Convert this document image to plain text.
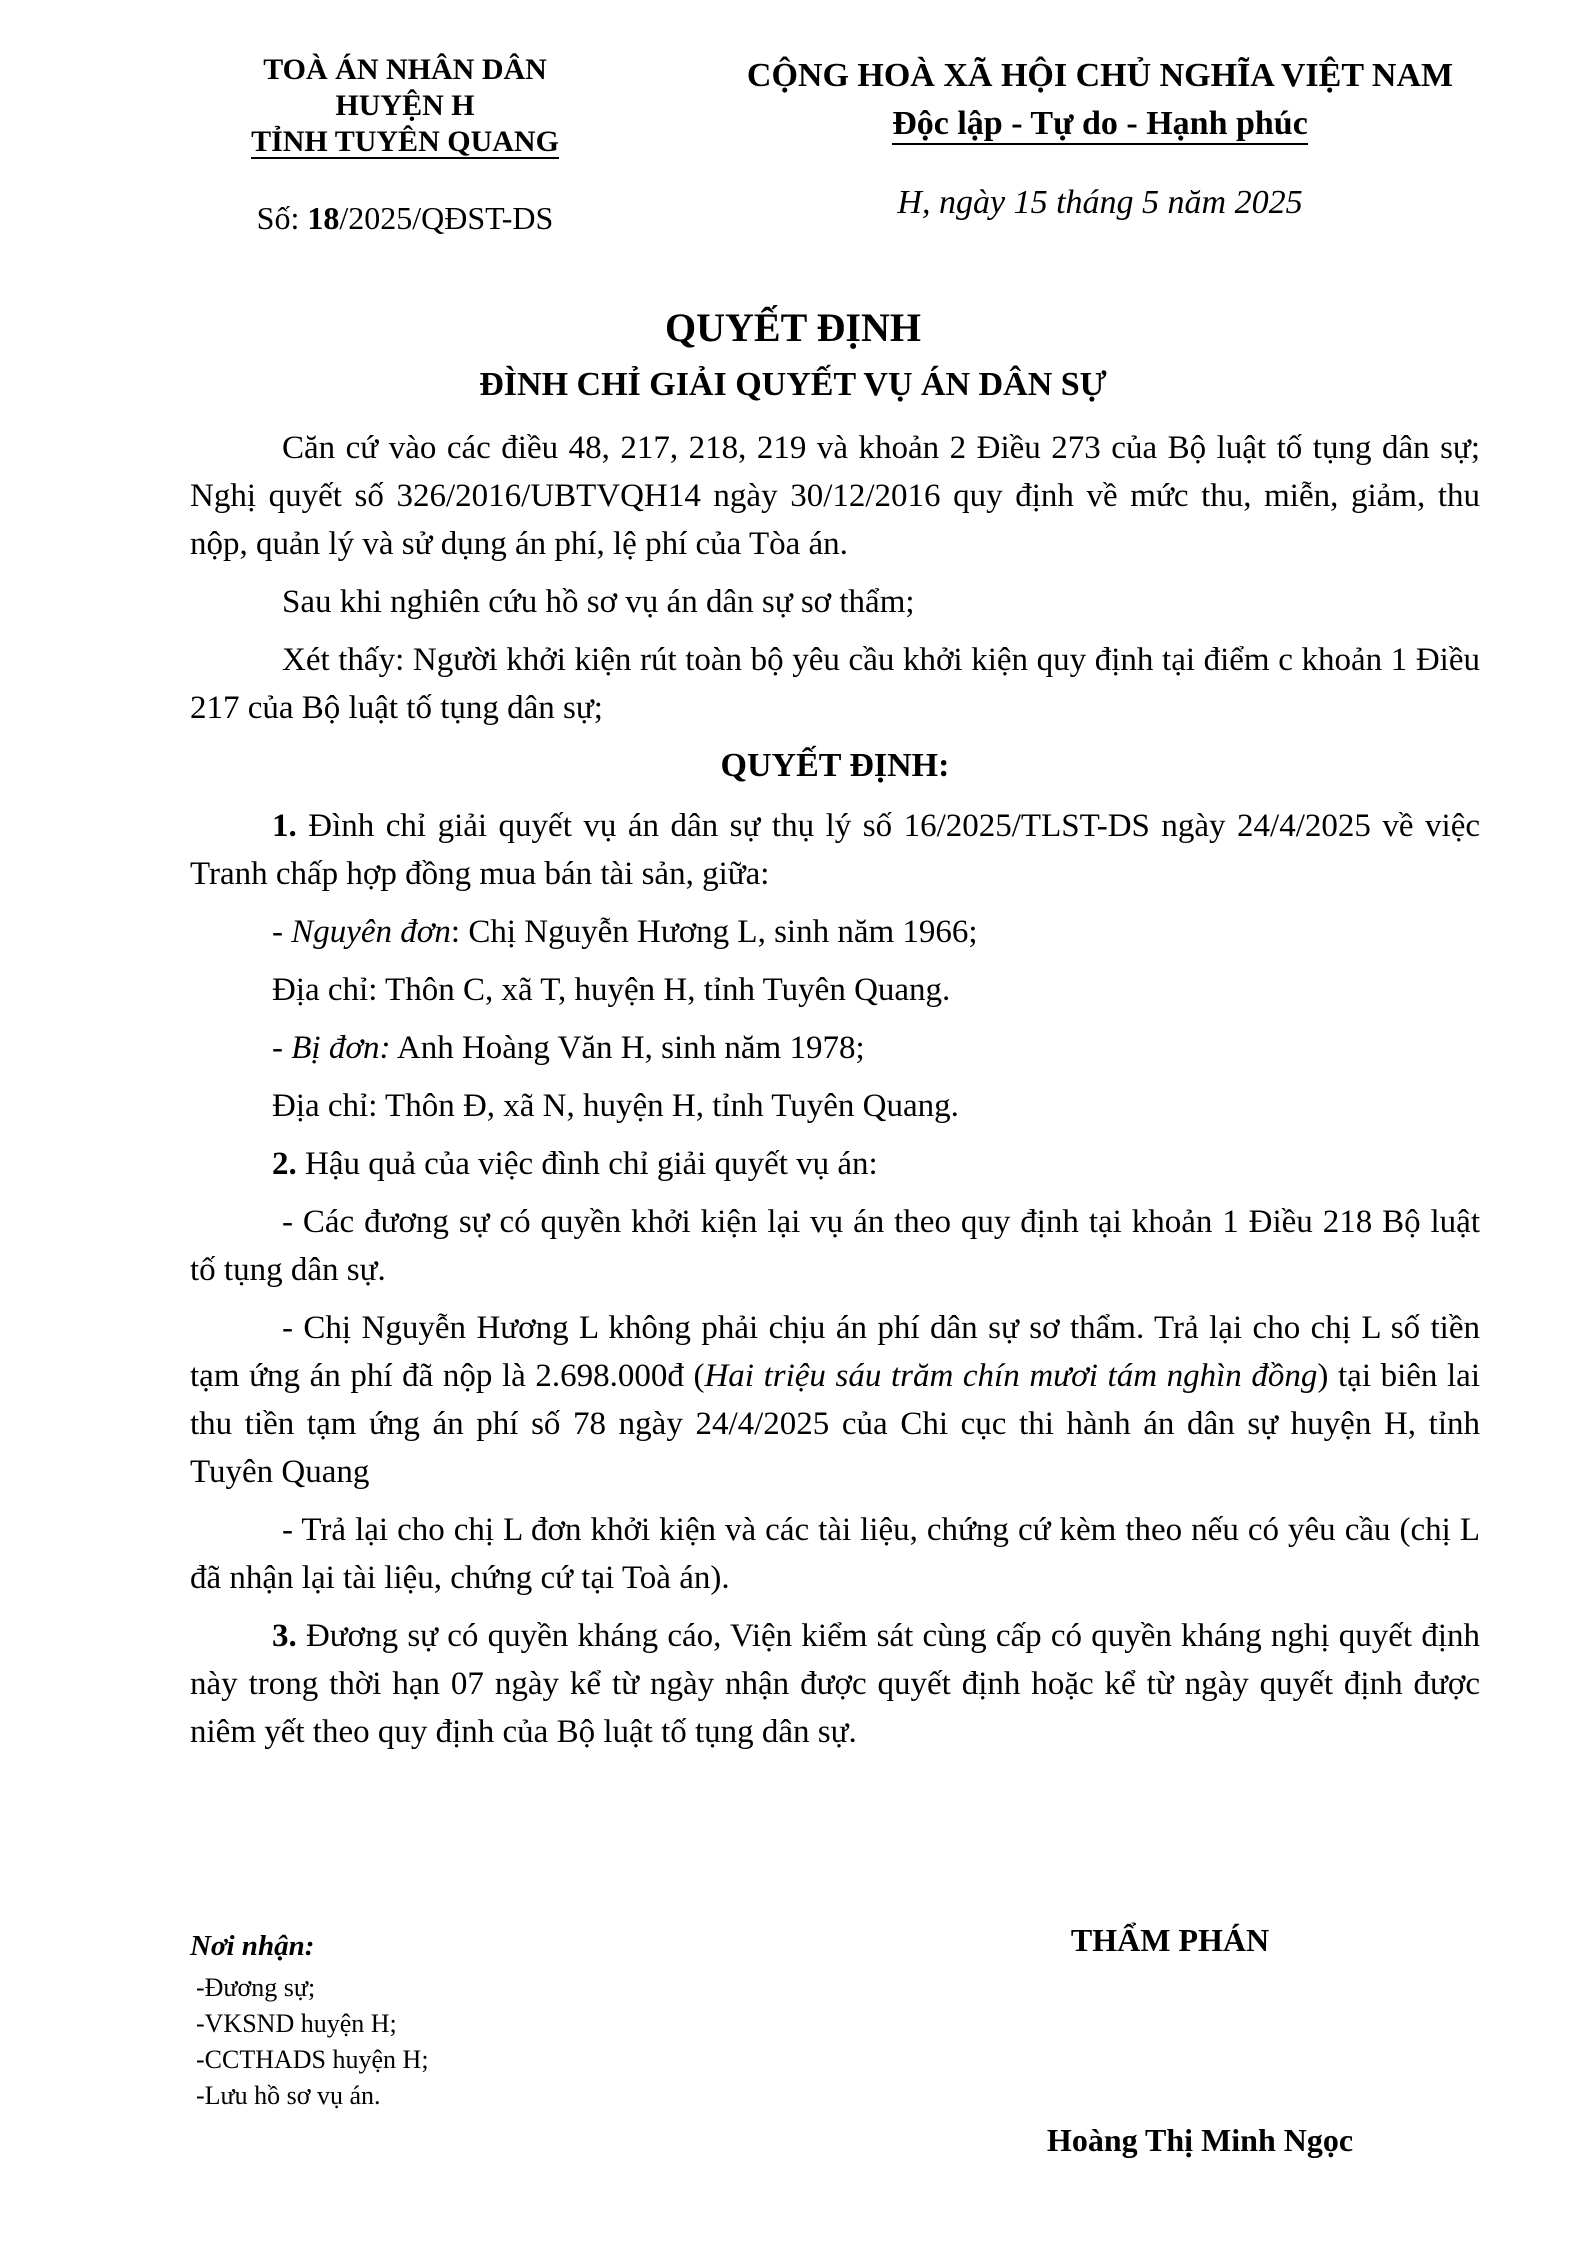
TOÀ ÁN NHÂN DÂN
HUYỆN H
TỈNH TUYÊN QUANG
Số: 18/2025/QĐST-DS
CỘNG HOÀ XÃ HỘI CHỦ NGHĨA VIỆT NAM
Độc lập - Tự do - Hạnh phúc
H, ngày 15 tháng 5 năm 2025
QUYẾT ĐỊNH
ĐÌNH CHỈ GIẢI QUYẾT VỤ ÁN DÂN SỰ

Căn cứ vào các điều 48, 217, 218, 219 và khoản 2 Điều 273 của Bộ luật tố tụng dân sự; Nghị quyết số 326/2016/UBTVQH14 ngày 30/12/2016 quy định về mức thu, miễn, giảm, thu nộp, quản lý và sử dụng án phí, lệ phí của Tòa án.

Sau khi nghiên cứu hồ sơ vụ án dân sự sơ thẩm;

Xét thấy: Người khởi kiện rút toàn bộ yêu cầu khởi kiện quy định tại điểm c khoản 1 Điều 217 của Bộ luật tố tụng dân sự;

QUYẾT ĐỊNH:

1. Đình chỉ giải quyết vụ án dân sự thụ lý số 16/2025/TLST-DS ngày 24/4/2025 về việc Tranh chấp hợp đồng mua bán tài sản, giữa:

- Nguyên đơn: Chị Nguyễn Hương L, sinh năm 1966;

Địa chỉ: Thôn C, xã T, huyện H, tỉnh Tuyên Quang.

- Bị đơn: Anh Hoàng Văn H, sinh năm 1978;

Địa chỉ: Thôn Đ, xã N, huyện H, tỉnh Tuyên Quang.

2. Hậu quả của việc đình chỉ giải quyết vụ án:

- Các đương sự có quyền khởi kiện lại vụ án theo quy định tại khoản 1 Điều 218 Bộ luật tố tụng dân sự.

- Chị Nguyễn Hương L không phải chịu án phí dân sự sơ thẩm. Trả lại cho chị L số tiền tạm ứng án phí đã nộp là 2.698.000đ (Hai triệu sáu trăm chín mươi tám nghìn đồng) tại biên lai thu tiền tạm ứng án phí số 78 ngày 24/4/2025 của Chi cục thi hành án dân sự huyện H, tỉnh Tuyên Quang

- Trả lại cho chị L đơn khởi kiện và các tài liệu, chứng cứ kèm theo nếu có yêu cầu (chị L đã nhận lại tài liệu, chứng cứ tại Toà án).

3. Đương sự có quyền kháng cáo, Viện kiểm sát cùng cấp có quyền kháng nghị quyết định này trong thời hạn 07 ngày kể từ ngày nhận được quyết định hoặc kể từ ngày quyết định được niêm yết theo quy định của Bộ luật tố tụng dân sự.

Nơi nhận:
-Đương sự;
-VKSND huyện H;
-CCTHADS huyện H;
-Lưu hồ sơ vụ án.
THẨM PHÁN
Hoàng Thị Minh Ngọc
